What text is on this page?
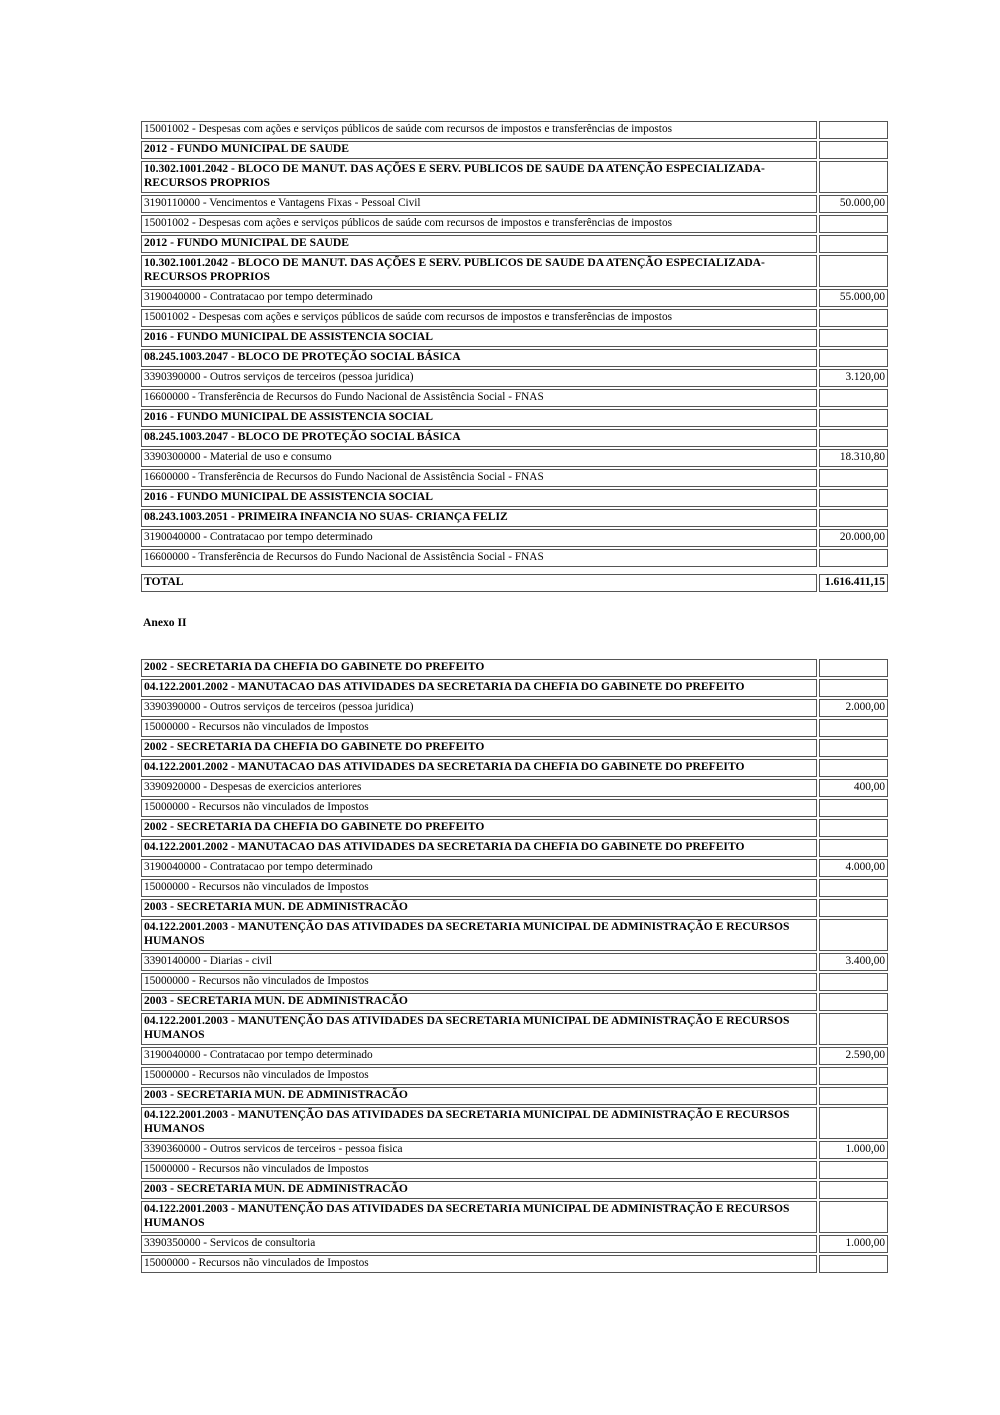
15001002 - Despesas com ações e serviços públicos de saúde com recursos de impostos e transferências de impostos	
2012 - FUNDO MUNICIPAL DE SAUDE	
10.302.1001.2042 - BLOCO DE MANUT. DAS AÇÕES E SERV. PUBLICOS DE SAUDE DA ATENÇÃO ESPECIALIZADA- RECURSOS PROPRIOS	
3190110000 - Vencimentos e Vantagens Fixas - Pessoal Civil	50.000,00
15001002 - Despesas com ações e serviços públicos de saúde com recursos de impostos e transferências de impostos	
2012 - FUNDO MUNICIPAL DE SAUDE	
10.302.1001.2042 - BLOCO DE MANUT. DAS AÇÕES E SERV. PUBLICOS DE SAUDE DA ATENÇÃO ESPECIALIZADA- RECURSOS PROPRIOS	
3190040000 - Contratacao por tempo determinado	55.000,00
15001002 - Despesas com ações e serviços públicos de saúde com recursos de impostos e transferências de impostos	
2016 - FUNDO MUNICIPAL DE ASSISTENCIA SOCIAL	
08.245.1003.2047 - BLOCO DE PROTEÇÃO SOCIAL BÁSICA	
3390390000 - Outros serviços de terceiros (pessoa juridica)	3.120,00
16600000 - Transferência de Recursos do Fundo Nacional de Assistência Social - FNAS	
2016 - FUNDO MUNICIPAL DE ASSISTENCIA SOCIAL	
08.245.1003.2047 - BLOCO DE PROTEÇÃO SOCIAL BÁSICA	
3390300000 - Material de uso e consumo	18.310,80
16600000 - Transferência de Recursos do Fundo Nacional de Assistência Social - FNAS	
2016 - FUNDO MUNICIPAL DE ASSISTENCIA SOCIAL	
08.243.1003.2051 - PRIMEIRA INFANCIA NO SUAS- CRIANÇA FELIZ	
3190040000 - Contratacao por tempo determinado	20.000,00
16600000 - Transferência de Recursos do Fundo Nacional de Assistência Social - FNAS	
TOTAL	1.616.411,15
Anexo II
2002 - SECRETARIA DA CHEFIA DO GABINETE DO PREFEITO	
04.122.2001.2002 - MANUTACAO DAS ATIVIDADES DA SECRETARIA DA CHEFIA DO GABINETE DO PREFEITO	
3390390000 - Outros serviços de terceiros (pessoa juridica)	2.000,00
15000000 - Recursos não vinculados de Impostos	
2002 - SECRETARIA DA CHEFIA DO GABINETE DO PREFEITO	
04.122.2001.2002 - MANUTACAO DAS ATIVIDADES DA SECRETARIA DA CHEFIA DO GABINETE DO PREFEITO	
3390920000 - Despesas de exercicios anteriores	400,00
15000000 - Recursos não vinculados de Impostos	
2002 - SECRETARIA DA CHEFIA DO GABINETE DO PREFEITO	
04.122.2001.2002 - MANUTACAO DAS ATIVIDADES DA SECRETARIA DA CHEFIA DO GABINETE DO PREFEITO	
3190040000 - Contratacao por tempo determinado	4.000,00
15000000 - Recursos não vinculados de Impostos	
2003 - SECRETARIA MUN. DE ADMINISTRACÃO	
04.122.2001.2003 - MANUTENÇÃO DAS ATIVIDADES DA SECRETARIA MUNICIPAL DE ADMINISTRAÇÃO E RECURSOS HUMANOS	
3390140000 - Diarias - civil	3.400,00
15000000 - Recursos não vinculados de Impostos	
2003 - SECRETARIA MUN. DE ADMINISTRACÃO	
04.122.2001.2003 - MANUTENÇÃO DAS ATIVIDADES DA SECRETARIA MUNICIPAL DE ADMINISTRAÇÃO E RECURSOS HUMANOS	
3190040000 - Contratacao por tempo determinado	2.590,00
15000000 - Recursos não vinculados de Impostos	
2003 - SECRETARIA MUN. DE ADMINISTRACÃO	
04.122.2001.2003 - MANUTENÇÃO DAS ATIVIDADES DA SECRETARIA MUNICIPAL DE ADMINISTRAÇÃO E RECURSOS HUMANOS	
3390360000 - Outros servicos de terceiros - pessoa fisica	1.000,00
15000000 - Recursos não vinculados de Impostos	
2003 - SECRETARIA MUN. DE ADMINISTRACÃO	
04.122.2001.2003 - MANUTENÇÃO DAS ATIVIDADES DA SECRETARIA MUNICIPAL DE ADMINISTRAÇÃO E RECURSOS HUMANOS	
3390350000 - Servicos de consultoria	1.000,00
15000000 - Recursos não vinculados de Impostos	
